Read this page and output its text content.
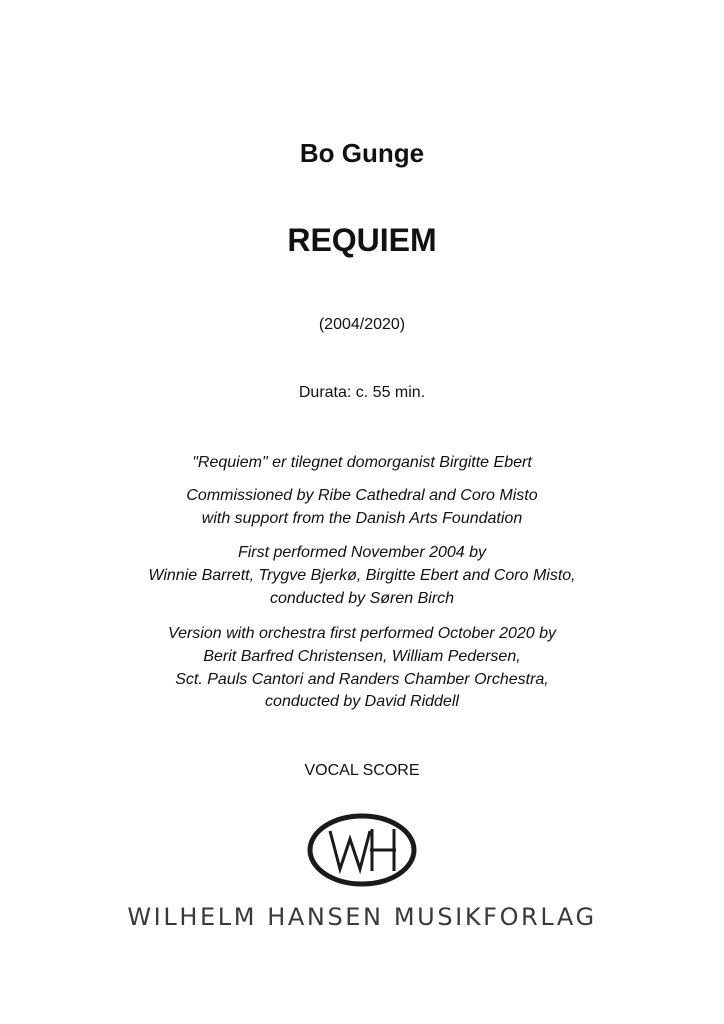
Bo Gunge
REQUIEM
(2004/2020)
Durata: c. 55 min.
"Requiem" er tilegnet domorganist Birgitte Ebert
Commissioned by Ribe Cathedral and Coro Misto
with support from the Danish Arts Foundation
First performed November 2004 by
Winnie Barrett, Trygve Bjerkø, Birgitte Ebert and Coro Misto,
conducted by Søren Birch
Version with orchestra first performed October 2020 by
Berit Barfred Christensen, William Pedersen,
Sct. Pauls Cantori and Randers Chamber Orchestra,
conducted by David Riddell
VOCAL SCORE
WILHELM HANSEN MUSIKFORLAG
